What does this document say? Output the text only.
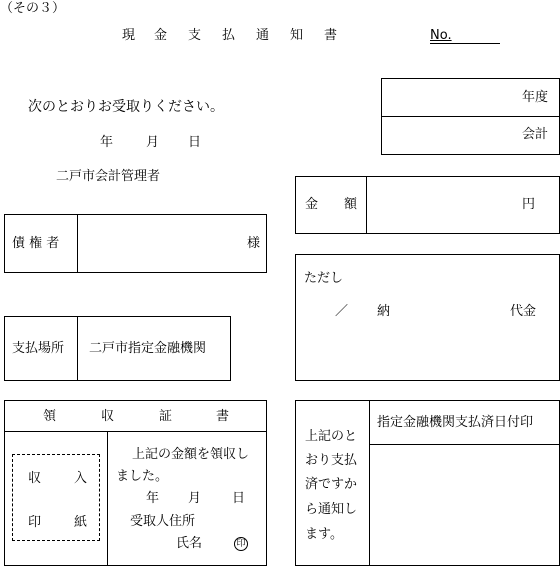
（その３）
現 金 支 払 通 知 書	No.
年度
会計
次のとおりお受取りください。
年	月 日
二戸市会計管理者
金　　額	円
債 権 者	様
ただし
／ 納	代金
支払場所 二戸市指定金融機関
領	収	証	書
収	入
印	紙
上記の金額を領収し
ました。
年 月 日
受取人住所
氏名	印
指定金融機関支払済日付印
上記のと
おり支払
済ですか
ら通知し
ます。
